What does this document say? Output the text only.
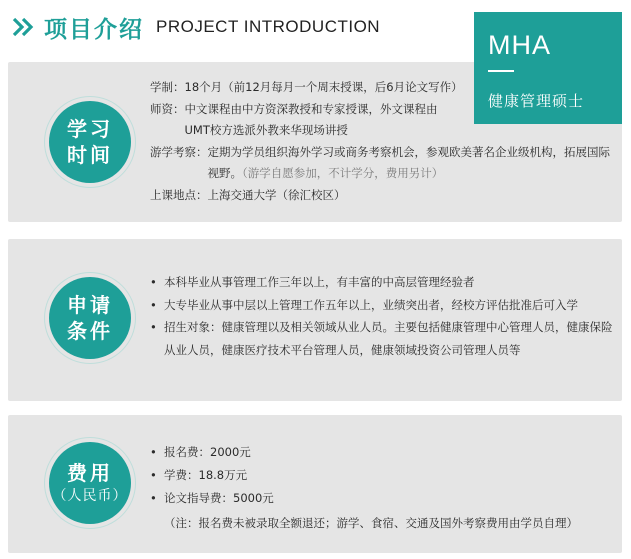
项目介绍 PROJECT INTRODUCTION
MHA
健康管理硕士
学习
时间
学制：18个月（前12月每月一个周末授课，后6月论文写作）
师资： 中文课程由中方资深教授和专家授课，外文课程由
UMT校方选派外教来华现场讲授
游学考察： 定期为学员组织海外学习或商务考察机会，参观欧美著名企业级机构，拓展国际视野。（游学自愿参加，不计学分，费用另计）
上课地点：上海交通大学（徐汇校区）
申请
条件
• 本科毕业从事管理工作三年以上，有丰富的中高层管理经验者
• 大专毕业从事中层以上管理工作五年以上，业绩突出者，经校方评估批准后可入学
• 招生对象：健康管理以及相关领域从业人员。主要包括健康管理中心管理人员，健康保险从业人员，健康医疗技术平台管理人员，健康领域投资公司管理人员等
费用
（人民币）
• 报名费：2000元
• 学费：18.8万元
• 论文指导费：5000元
（注：报名费未被录取全额退还；游学、食宿、交通及国外考察费用由学员自理）
